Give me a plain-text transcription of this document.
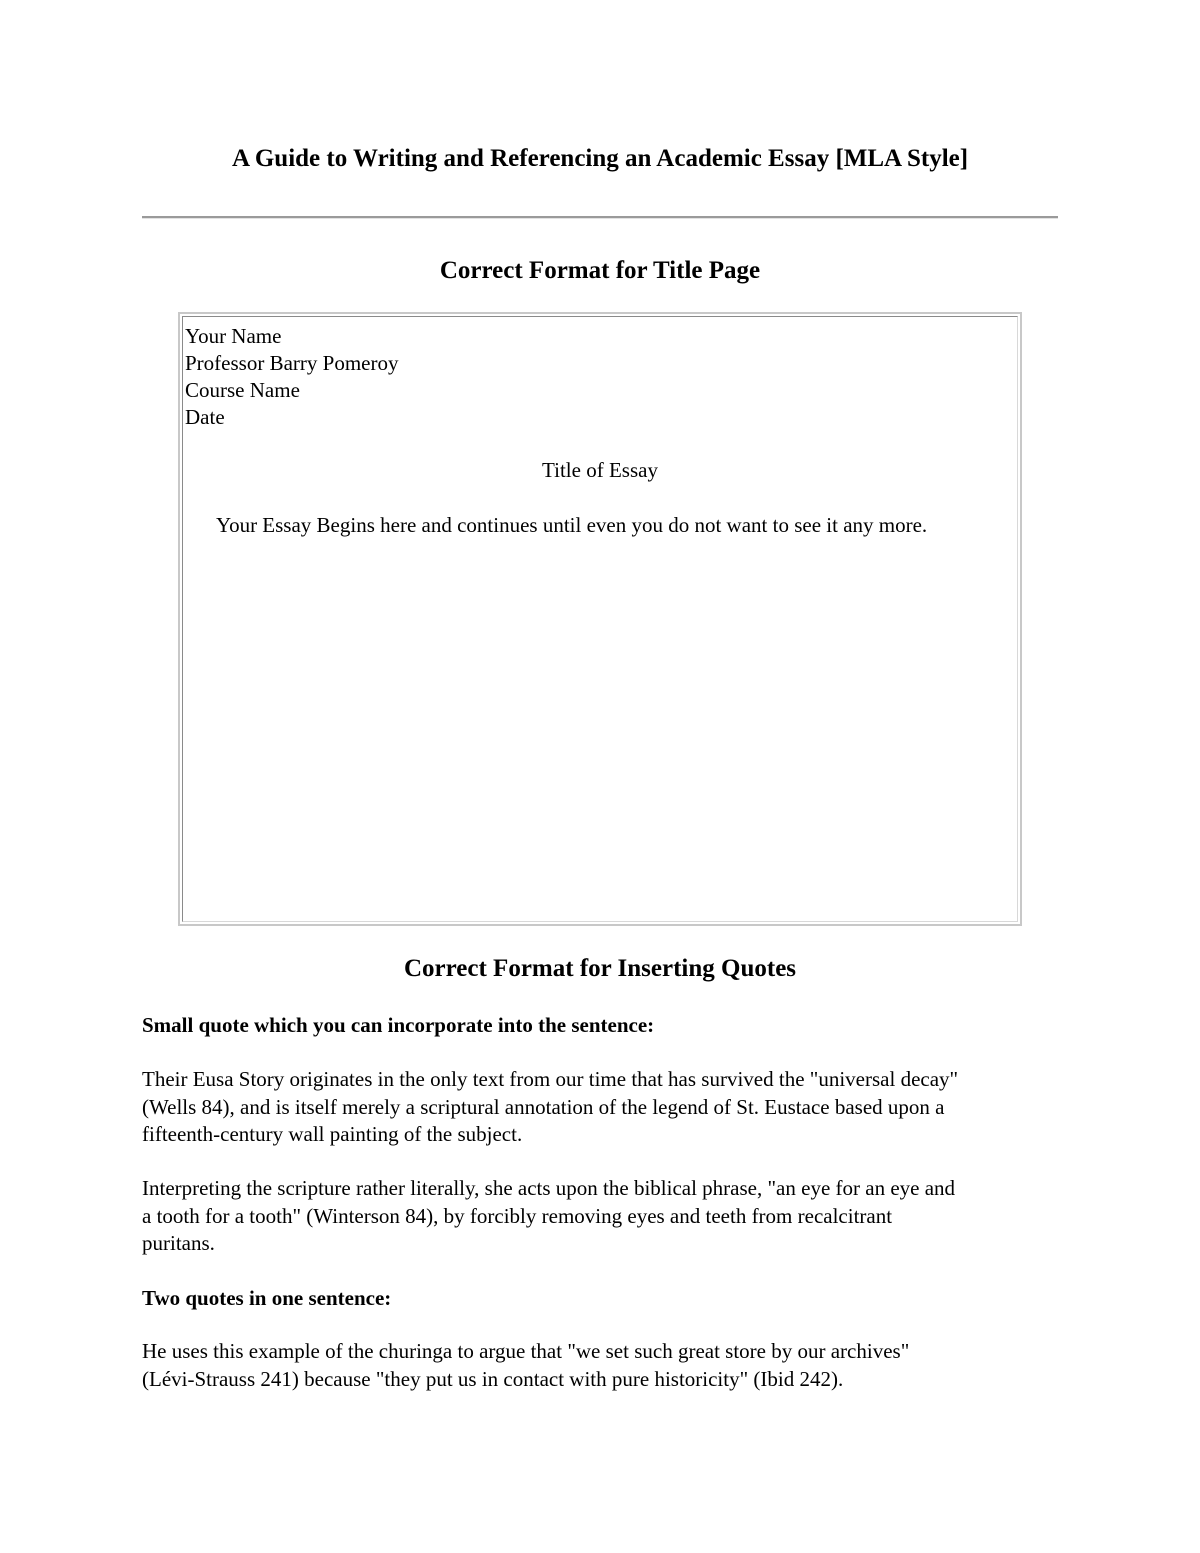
A Guide to Writing and Referencing an Academic Essay [MLA Style]
Correct Format for Title Page
Your Name
Professor Barry Pomeroy
Course Name
Date
Title of Essay
Your Essay Begins here and continues until even you do not want to see it any more.
Correct Format for Inserting Quotes

Small quote which you can incorporate into the sentence:

Their Eusa Story originates in the only text from our time that has survived the "universal decay"
(Wells 84), and is itself merely a scriptural annotation of the legend of St. Eustace based upon a
fifteenth-century wall painting of the subject.

Interpreting the scripture rather literally, she acts upon the biblical phrase, "an eye for an eye and
a tooth for a tooth" (Winterson 84), by forcibly removing eyes and teeth from recalcitrant
puritans.

Two quotes in one sentence:

He uses this example of the churinga to argue that "we set such great store by our archives"
(Lévi-Strauss 241) because "they put us in contact with pure historicity" (Ibid 242).
